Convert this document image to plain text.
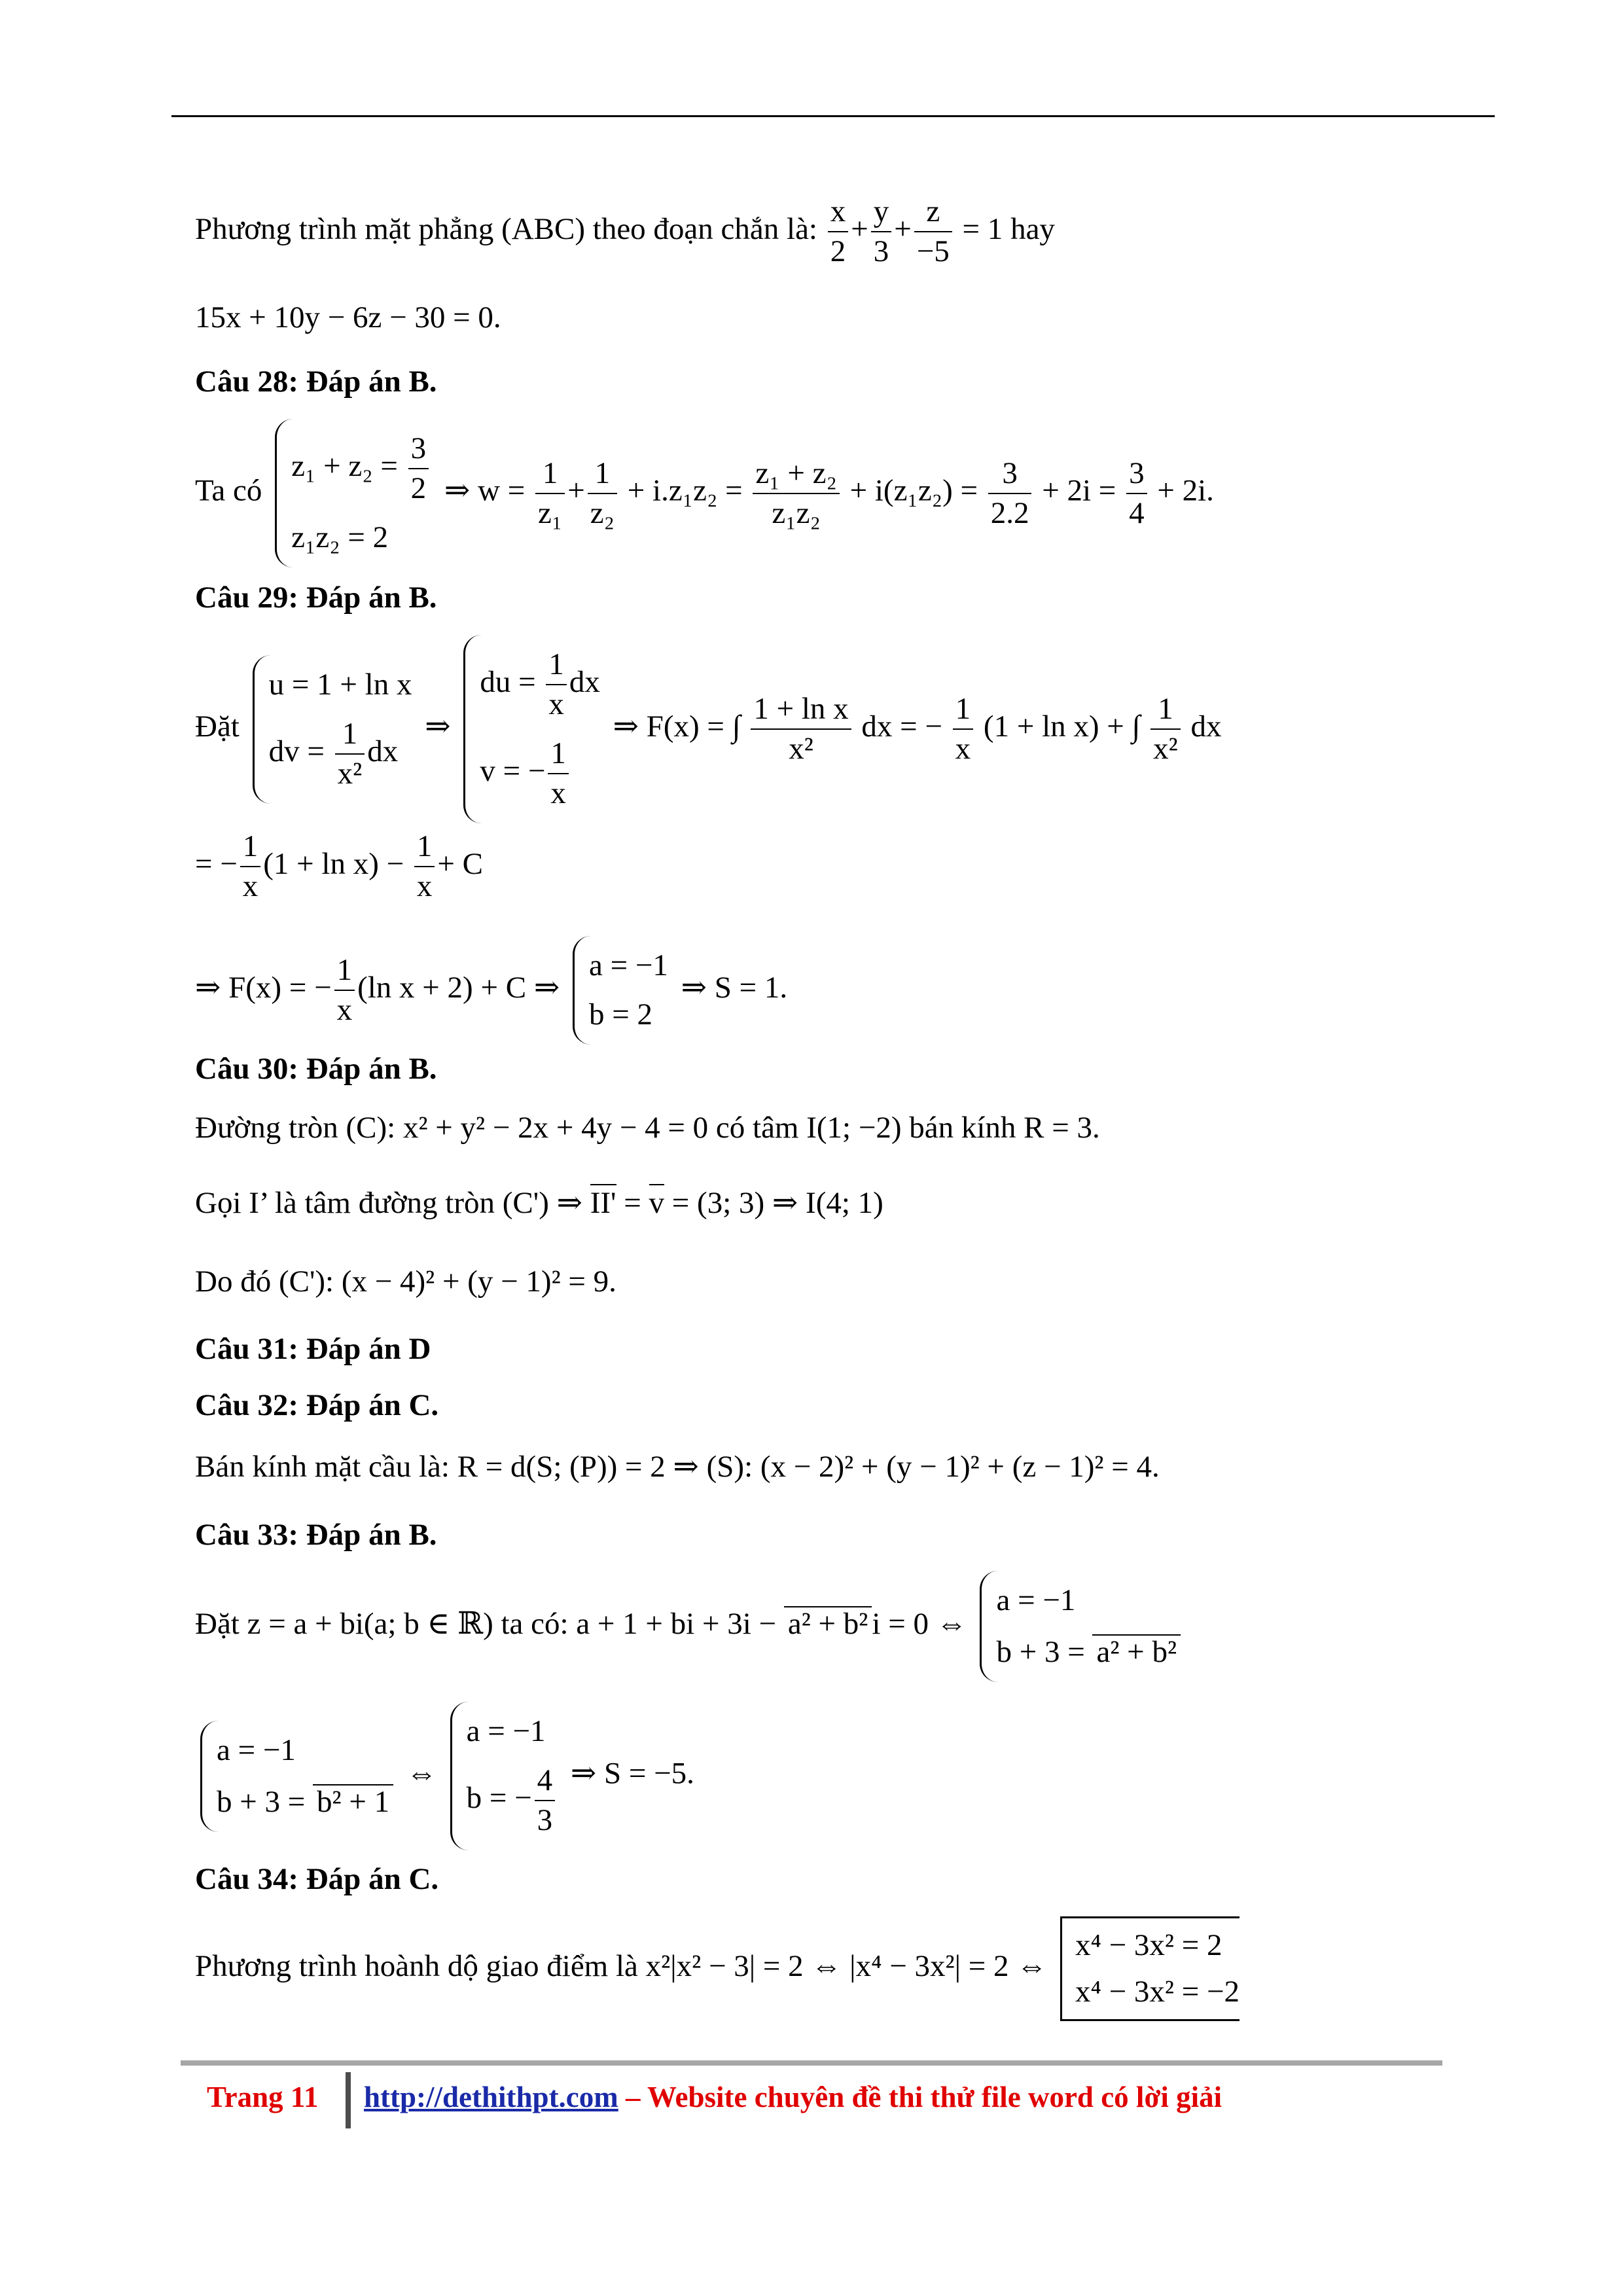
Phương trình mặt phẳng (ABC) theo đoạn chắn là: $\frac{x}{2} + \frac{y}{3} + \frac{z}{-5} = 1$ hay
15x + 10y − 6z − 30 = 0.
Câu 28: Đáp án B.
Ta có
$z_1 + z_2 = \frac{3}{2}$
z₁z₂ = 2
⇒ $w = \frac{1}{\text{z₁}} + \frac{1}{\text{z₂}} + i.z_1z_2 = \frac{\text{z₁ + z₂}}{\text{z₁z₂}} + i(z_1z_2) = \frac{3}{2.2} + 2i = \frac{3}{4} + 2i$.
Câu 29: Đáp án B.
Đặt
u = 1 + ln x
dv = $\frac{1}{\text{x²}}$ dx
⇒
du = $\frac{1}{x}$ dx
v = − $\frac{1}{x}$
⇒ F(x) = ∫ $\frac{\text{1 + ln x}}{\text{x²}}$ dx = − $\frac{1}{x} (1 + \ln x)$ + ∫ $\frac{1}{\text{x²}}$ dx
= − $\frac{1}{x} (1 + \ln x) - \frac{1}{x} + C$
⇒ F(x) = − $\frac{1}{x} (\ln$ x + 2) + C ⇒
a = −1
b = 2
⇒ S = 1.
Câu 30: Đáp án B.
Đường tròn (C): x² + y² − 2x + 4y − 4 = 0 có tâm I(1; −2) bán kính R = 3.
Gọi I’ là tâm đường tròn (C') ⇒ II' = v = (3; 3) ⇒ I(4; 1)
Do đó (C'): (x − 4)² + (y − 1)² = 9.
Câu 31: Đáp án D
Câu 32: Đáp án C.
Bán kính mặt cầu là: R = d(S; (P)) = 2 ⇒ (S): (x − 2)² + (y − 1)² + (z − 1)² = 4.
Câu 33: Đáp án B.
Đặt z = a + bi(a; b ∈ ℝ) ta có: a + 1 + bi + 3i − a² + b² i = 0 ⇔
a = −1
b + 3 = a² + b²
a = −1
b + 3 = b² + 1
⇔
a = −1
b = − $\frac{4}{3}$ ⇒ S = −5.
Câu 34: Đáp án C.
Phương trình hoành dộ giao điểm là x²|x² − 3| = 2 ⇔ |x⁴ − 3x²| = 2 ⇔
x⁴ − 3x² = 2
x⁴ − 3x² = −2
Trang 11 http://dethithpt.com – Website chuyên đề thi thử file word có lời giải
